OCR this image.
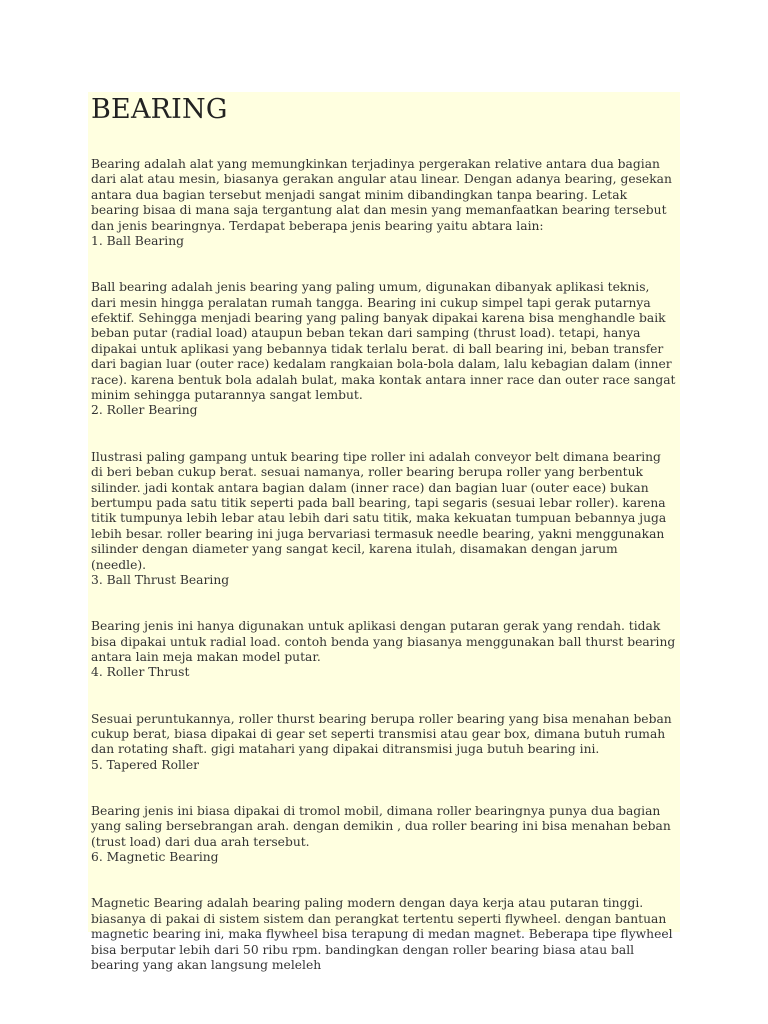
BEARING

Bearing adalah alat yang memungkinkan terjadinya pergerakan relative antara dua bagian dari alat atau mesin, biasanya gerakan angular atau linear. Dengan adanya bearing, gesekan antara dua bagian tersebut menjadi sangat minim dibandingkan tanpa bearing. Letak bearing bisaa di mana saja tergantung alat dan mesin yang memanfaatkan bearing tersebut dan jenis bearingnya. Terdapat beberapa jenis bearing yaitu abtara lain:

1. Ball Bearing

Ball bearing adalah jenis bearing yang paling umum, digunakan dibanyak aplikasi teknis, dari mesin hingga peralatan rumah tangga. Bearing ini cukup simpel tapi gerak putarnya efektif. Sehingga menjadi bearing yang paling banyak dipakai karena bisa menghandle baik beban putar (radial load) ataupun beban tekan dari samping (thrust load). tetapi, hanya dipakai untuk aplikasi yang bebannya tidak terlalu berat. di ball bearing ini, beban transfer dari bagian luar (outer race) kedalam rangkaian bola-bola dalam, lalu kebagian dalam (inner race). karena bentuk bola adalah bulat, maka kontak antara inner race dan outer race sangat minim sehingga putarannya sangat lembut.

2. Roller Bearing

Ilustrasi paling gampang untuk bearing tipe roller ini adalah conveyor belt dimana bearing di beri beban cukup berat. sesuai namanya, roller bearing berupa roller yang berbentuk silinder. jadi kontak antara bagian dalam (inner race) dan bagian luar (outer eace) bukan bertumpu pada satu titik seperti pada ball bearing, tapi segaris (sesuai lebar roller). karena titik tumpunya lebih lebar atau lebih dari satu titik, maka kekuatan tumpuan bebannya juga lebih besar. roller bearing ini juga bervariasi termasuk needle bearing, yakni menggunakan silinder dengan diameter yang sangat kecil, karena itulah, disamakan dengan jarum (needle).

3. Ball Thrust Bearing

Bearing jenis ini hanya digunakan untuk aplikasi dengan putaran gerak yang rendah. tidak bisa dipakai untuk radial load. contoh benda yang biasanya menggunakan ball thurst bearing antara lain meja makan model putar.

4. Roller Thrust

Sesuai peruntukannya, roller thurst bearing berupa roller bearing yang bisa menahan beban cukup berat, biasa dipakai di gear set seperti transmisi atau gear box, dimana butuh rumah dan rotating shaft. gigi matahari yang dipakai ditransmisi juga butuh bearing ini.

5. Tapered Roller

Bearing jenis ini biasa dipakai di tromol mobil, dimana roller bearingnya punya dua bagian yang saling bersebrangan arah. dengan demikin , dua roller bearing ini bisa menahan beban (trust load) dari dua arah tersebut.

6. Magnetic Bearing

Magnetic Bearing adalah bearing paling modern dengan daya kerja atau putaran tinggi. biasanya di pakai di sistem sistem dan perangkat tertentu seperti flywheel. dengan bantuan magnetic bearing ini, maka flywheel bisa terapung di medan magnet. Beberapa tipe flywheel bisa berputar lebih dari 50 ribu rpm. bandingkan dengan roller bearing biasa atau ball bearing yang akan langsung meleleh
